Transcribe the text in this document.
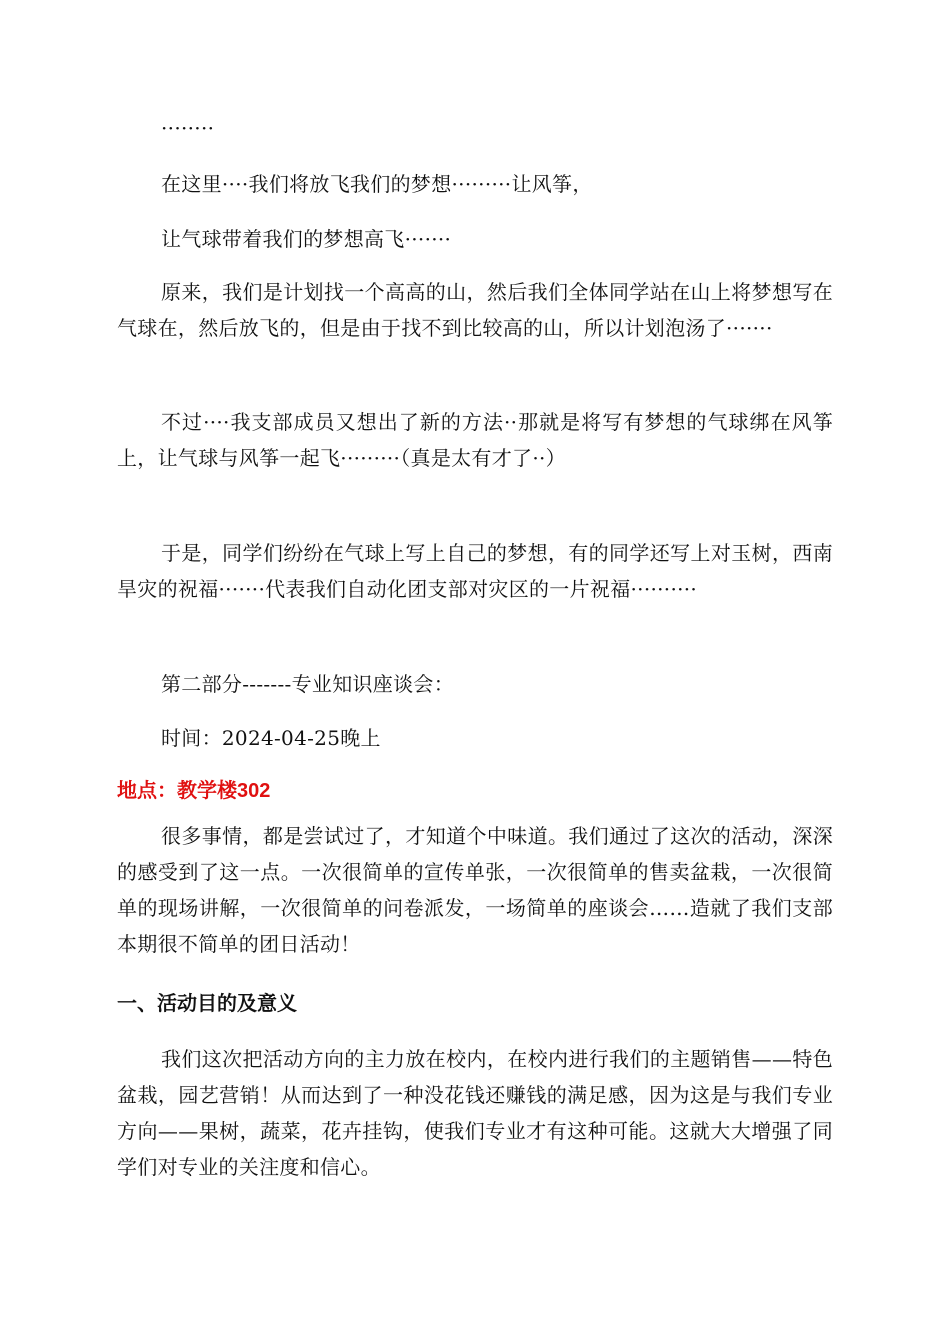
········

在这里····我们将放飞我们的梦想·········让风筝，

让气球带着我们的梦想高飞·······

原来，我们是计划找一个高高的山，然后我们全体同学站在山上将梦想写在气球在，然后放飞的，但是由于找不到比较高的山，所以计划泡汤了·······

不过····我支部成员又想出了新的方法··那就是将写有梦想的气球绑在风筝上，让气球与风筝一起飞·········（真是太有才了··）

于是，同学们纷纷在气球上写上自己的梦想，有的同学还写上对玉树，西南旱灾的祝福·······代表我们自动化团支部对灾区的一片祝福··········

第二部分-------专业知识座谈会：

时间：2024-04-25晚上

地点：教学楼302

很多事情，都是尝试过了，才知道个中味道。我们通过了这次的活动，深深的感受到了这一点。一次很简单的宣传单张，一次很简单的售卖盆栽，一次很简单的现场讲解，一次很简单的问卷派发，一场简单的座谈会……造就了我们支部本期很不简单的团日活动！

一、活动目的及意义

我们这次把活动方向的主力放在校内，在校内进行我们的主题销售——特色盆栽，园艺营销！从而达到了一种没花钱还赚钱的满足感，因为这是与我们专业方向——果树，蔬菜，花卉挂钩，使我们专业才有这种可能。这就大大增强了同学们对专业的关注度和信心。
